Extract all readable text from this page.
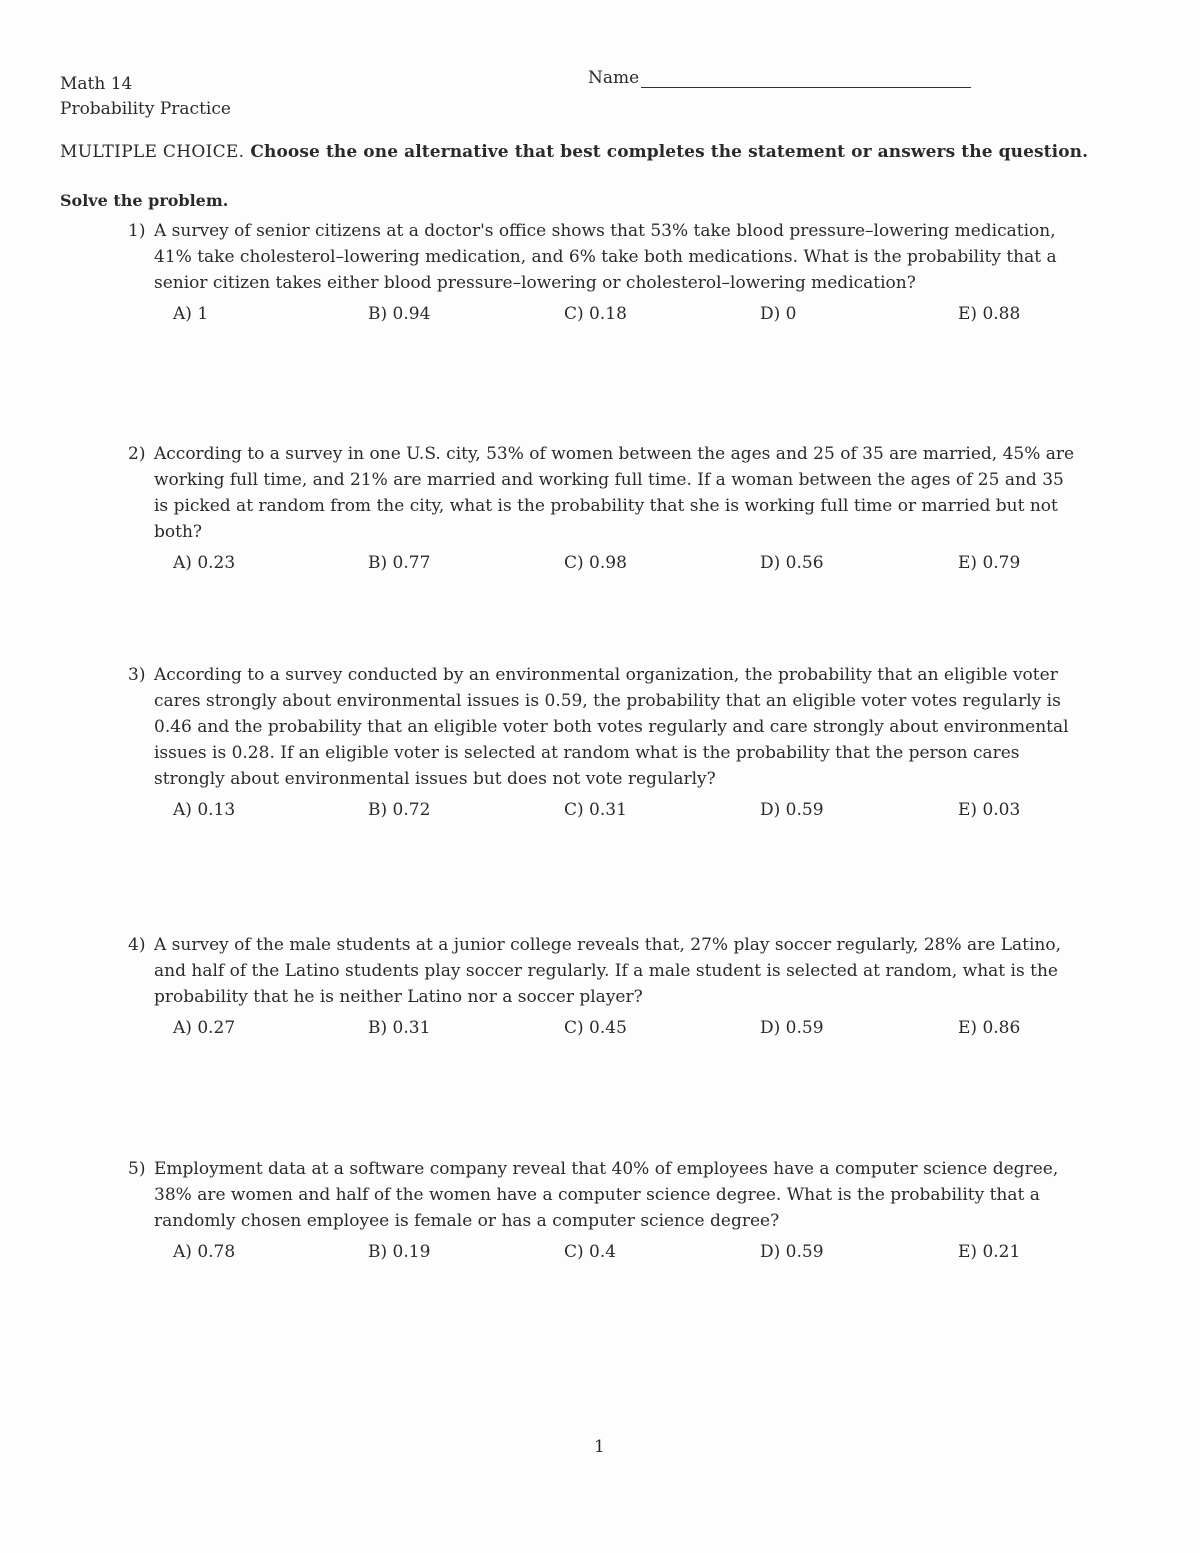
Math 14
Probability Practice
Name
MULTIPLE CHOICE. Choose the one alternative that best completes the statement or answers the question.
Solve the problem.
1) A survey of senior citizens at a doctor's office shows that 53% take blood pressure–lowering medication, 41% take cholesterol–lowering medication, and 6% take both medications. What is the probability that a senior citizen takes either blood pressure–lowering or cholesterol–lowering medication?
A) 1	B) 0.94	C) 0.18	D) 0	E) 0.88
2) According to a survey in one U.S. city, 53% of women between the ages and 25 of 35 are married, 45% are working full time, and 21% are married and working full time. If a woman between the ages of 25 and 35 is picked at random from the city, what is the probability that she is working full time or married but not both?
A) 0.23	B) 0.77	C) 0.98	D) 0.56	E) 0.79
3) According to a survey conducted by an environmental organization, the probability that an eligible voter cares strongly about environmental issues is 0.59, the probability that an eligible voter votes regularly is 0.46 and the probability that an eligible voter both votes regularly and care strongly about environmental issues is 0.28. If an eligible voter is selected at random what is the probability that the person cares strongly about environmental issues but does not vote regularly?
A) 0.13	B) 0.72	C) 0.31	D) 0.59	E) 0.03
4) A survey of the male students at a junior college reveals that, 27% play soccer regularly, 28% are Latino, and half of the Latino students play soccer regularly. If a male student is selected at random, what is the probability that he is neither Latino nor a soccer player?
A) 0.27	B) 0.31	C) 0.45	D) 0.59	E) 0.86
5) Employment data at a software company reveal that 40% of employees have a computer science degree, 38% are women and half of the women have a computer science degree. What is the probability that a randomly chosen employee is female or has a computer science degree?
A) 0.78	B) 0.19	C) 0.4	D) 0.59	E) 0.21
1
